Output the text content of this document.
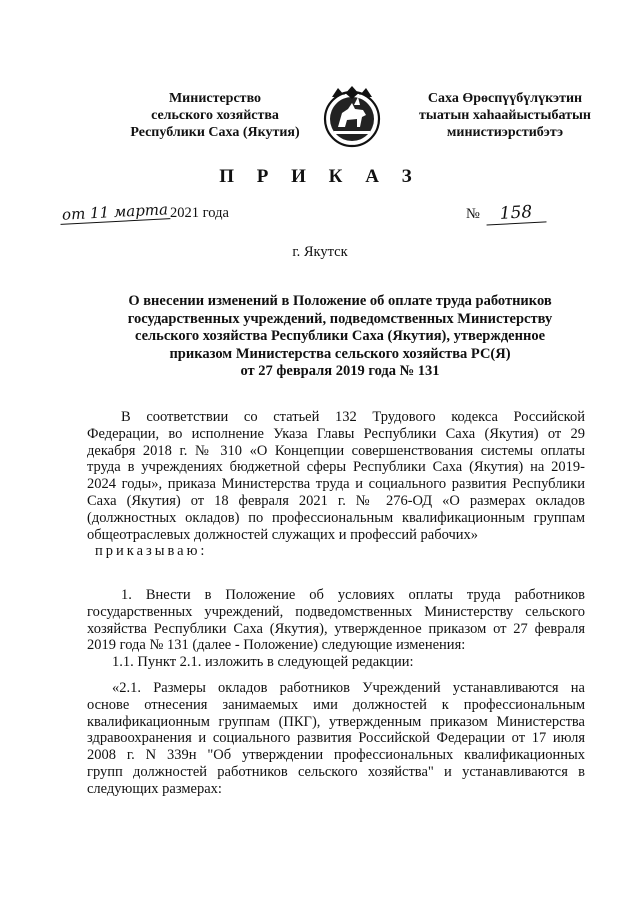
Министерство
сельского хозяйства
Республики Саха (Якутия)
Саха Өрөспүүбүлүкэтин
тыатын хаһаайыстыбатын
министиэрстибэтэ
П Р И К А З
от 11 марта 2021 года	№ 158
г. Якутск
О внесении изменений в Положение об оплате труда работников
государственных учреждений, подведомственных Министерству
сельского хозяйства Республики Саха (Якутия), утвержденное
приказом Министерства сельского хозяйства РС(Я)
от 27 февраля 2019 года № 131
В соответствии со статьей 132 Трудового кодекса Российской
Федерации, во исполнение Указа Главы Республики Саха (Якутия) от 29
декабря 2018 г. № 310 «О Концепции совершенствования системы оплаты
труда в учреждениях бюджетной сферы Республики Саха (Якутия) на 2019-
2024 годы», приказа Министерства труда и социального развития Республики
Саха (Якутия) от 18 февраля 2021 г. № 276-ОД «О размерах окладов
(должностных окладов) по профессиональным квалификационным группам
общеотраслевых должностей служащих и профессий рабочих»
приказываю:
1. Внести в Положение об условиях оплаты труда работников
государственных учреждений, подведомственных Министерству сельского
хозяйства Республики Саха (Якутия), утвержденное приказом от 27 февраля
2019 года № 131 (далее - Положение) следующие изменения:
1.1. Пункт 2.1. изложить в следующей редакции:
«2.1. Размеры окладов работников Учреждений устанавливаются на
основе отнесения занимаемых ими должностей к профессиональным
квалификационным группам (ПКГ), утвержденным приказом Министерства
здравоохранения и социального развития Российской Федерации от 17 июля
2008 г. N 339н "Об утверждении профессиональных квалификационных
групп должностей работников сельского хозяйства" и устанавливаются в
следующих размерах:
